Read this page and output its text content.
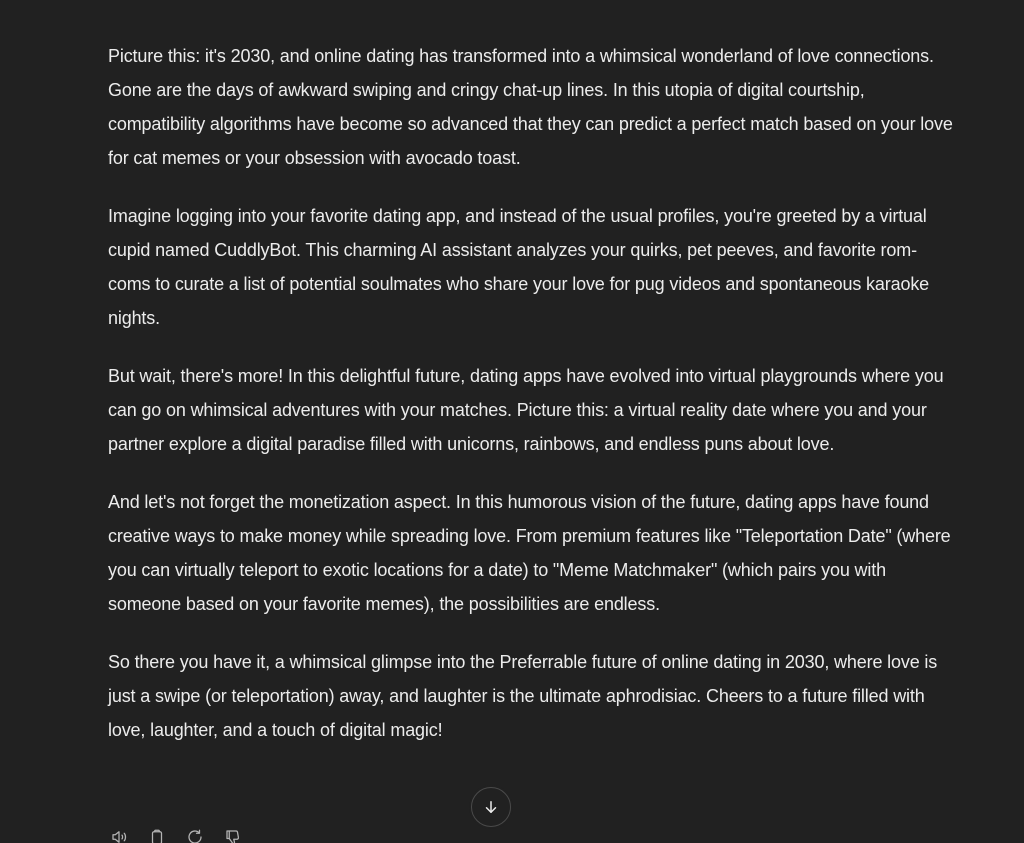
Picture this: it's 2030, and online dating has transformed into a whimsical wonderland of love connections. Gone are the days of awkward swiping and cringy chat-up lines. In this utopia of digital courtship, compatibility algorithms have become so advanced that they can predict a perfect match based on your love for cat memes or your obsession with avocado toast.

Imagine logging into your favorite dating app, and instead of the usual profiles, you're greeted by a virtual cupid named CuddlyBot. This charming AI assistant analyzes your quirks, pet peeves, and favorite rom-coms to curate a list of potential soulmates who share your love for pug videos and spontaneous karaoke nights.

But wait, there's more! In this delightful future, dating apps have evolved into virtual playgrounds where you can go on whimsical adventures with your matches. Picture this: a virtual reality date where you and your partner explore a digital paradise filled with unicorns, rainbows, and endless puns about love.

And let's not forget the monetization aspect. In this humorous vision of the future, dating apps have found creative ways to make money while spreading love. From premium features like "Teleportation Date" (where you can virtually teleport to exotic locations for a date) to "Meme Matchmaker" (which pairs you with someone based on your favorite memes), the possibilities are endless.

So there you have it, a whimsical glimpse into the Preferrable future of online dating in 2030, where love is just a swipe (or teleportation) away, and laughter is the ultimate aphrodisiac. Cheers to a future filled with love, laughter, and a touch of digital magic!
